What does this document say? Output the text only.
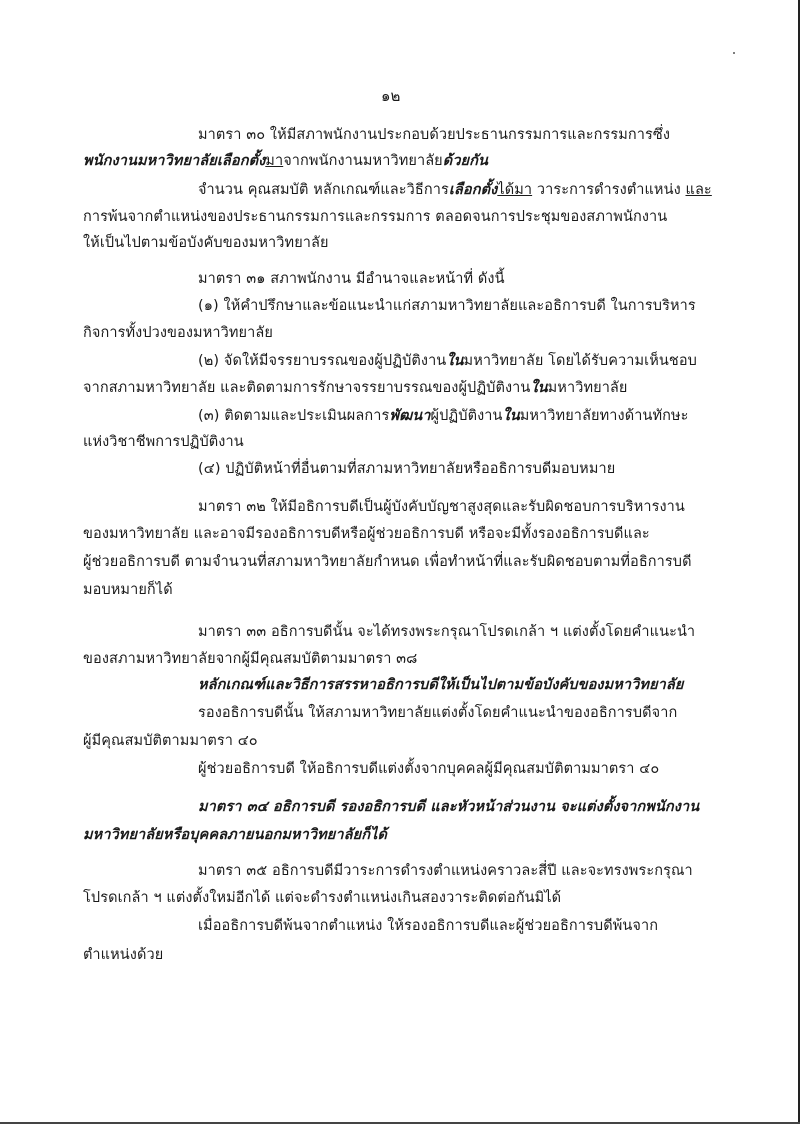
๑๒
มาตรา ๓๐ ให้มีสภาพนักงานประกอบด้วยประธานกรรมการและกรรมการซึ่ง
พนักงานมหาวิทยาลัยเลือกตั้งมาจากพนักงานมหาวิทยาลัยด้วยกัน
จำนวน คุณสมบัติ หลักเกณฑ์และวิธีการเลือกตั้งได้มา วาระการดำรงตำแหน่ง และ
การพ้นจากตำแหน่งของประธานกรรมการและกรรมการ ตลอดจนการประชุมของสภาพนักงาน
ให้เป็นไปตามข้อบังคับของมหาวิทยาลัย
มาตรา ๓๑ สภาพนักงาน มีอำนาจและหน้าที่ ดังนี้
(๑) ให้คำปรึกษาและข้อแนะนำแก่สภามหาวิทยาลัยและอธิการบดี ในการบริหาร
กิจการทั้งปวงของมหาวิทยาลัย
(๒) จัดให้มีจรรยาบรรณของผู้ปฏิบัติงานในมหาวิทยาลัย โดยได้รับความเห็นชอบ
จากสภามหาวิทยาลัย และติดตามการรักษาจรรยาบรรณของผู้ปฏิบัติงานในมหาวิทยาลัย
(๓) ติดตามและประเมินผลการพัฒนาผู้ปฏิบัติงานในมหาวิทยาลัยทางด้านทักษะ
แห่งวิชาชีพการปฏิบัติงาน
(๔) ปฏิบัติหน้าที่อื่นตามที่สภามหาวิทยาลัยหรืออธิการบดีมอบหมาย
มาตรา ๓๒ ให้มีอธิการบดีเป็นผู้บังคับบัญชาสูงสุดและรับผิดชอบการบริหารงาน
ของมหาวิทยาลัย และอาจมีรองอธิการบดีหรือผู้ช่วยอธิการบดี หรือจะมีทั้งรองอธิการบดีและ
ผู้ช่วยอธิการบดี ตามจำนวนที่สภามหาวิทยาลัยกำหนด เพื่อทำหน้าที่และรับผิดชอบตามที่อธิการบดี
มอบหมายก็ได้
มาตรา ๓๓ อธิการบดีนั้น จะได้ทรงพระกรุณาโปรดเกล้า ฯ แต่งตั้งโดยคำแนะนำ
ของสภามหาวิทยาลัยจากผู้มีคุณสมบัติตามมาตรา ๓๘
หลักเกณฑ์และวิธีการสรรหาอธิการบดีให้เป็นไปตามข้อบังคับของมหาวิทยาลัย
รองอธิการบดีนั้น ให้สภามหาวิทยาลัยแต่งตั้งโดยคำแนะนำของอธิการบดีจาก
ผู้มีคุณสมบัติตามมาตรา ๔๐
ผู้ช่วยอธิการบดี ให้อธิการบดีแต่งตั้งจากบุคคลผู้มีคุณสมบัติตามมาตรา ๔๐
มาตรา ๓๔ อธิการบดี รองอธิการบดี และหัวหน้าส่วนงาน จะแต่งตั้งจากพนักงาน
มหาวิทยาลัยหรือบุคคลภายนอกมหาวิทยาลัยก็ได้
มาตรา ๓๕ อธิการบดีมีวาระการดำรงตำแหน่งคราวละสี่ปี และจะทรงพระกรุณา
โปรดเกล้า ฯ แต่งตั้งใหม่อีกได้ แต่จะดำรงตำแหน่งเกินสองวาระติดต่อกันมิได้
เมื่ออธิการบดีพ้นจากตำแหน่ง ให้รองอธิการบดีและผู้ช่วยอธิการบดีพ้นจาก
ตำแหน่งด้วย
